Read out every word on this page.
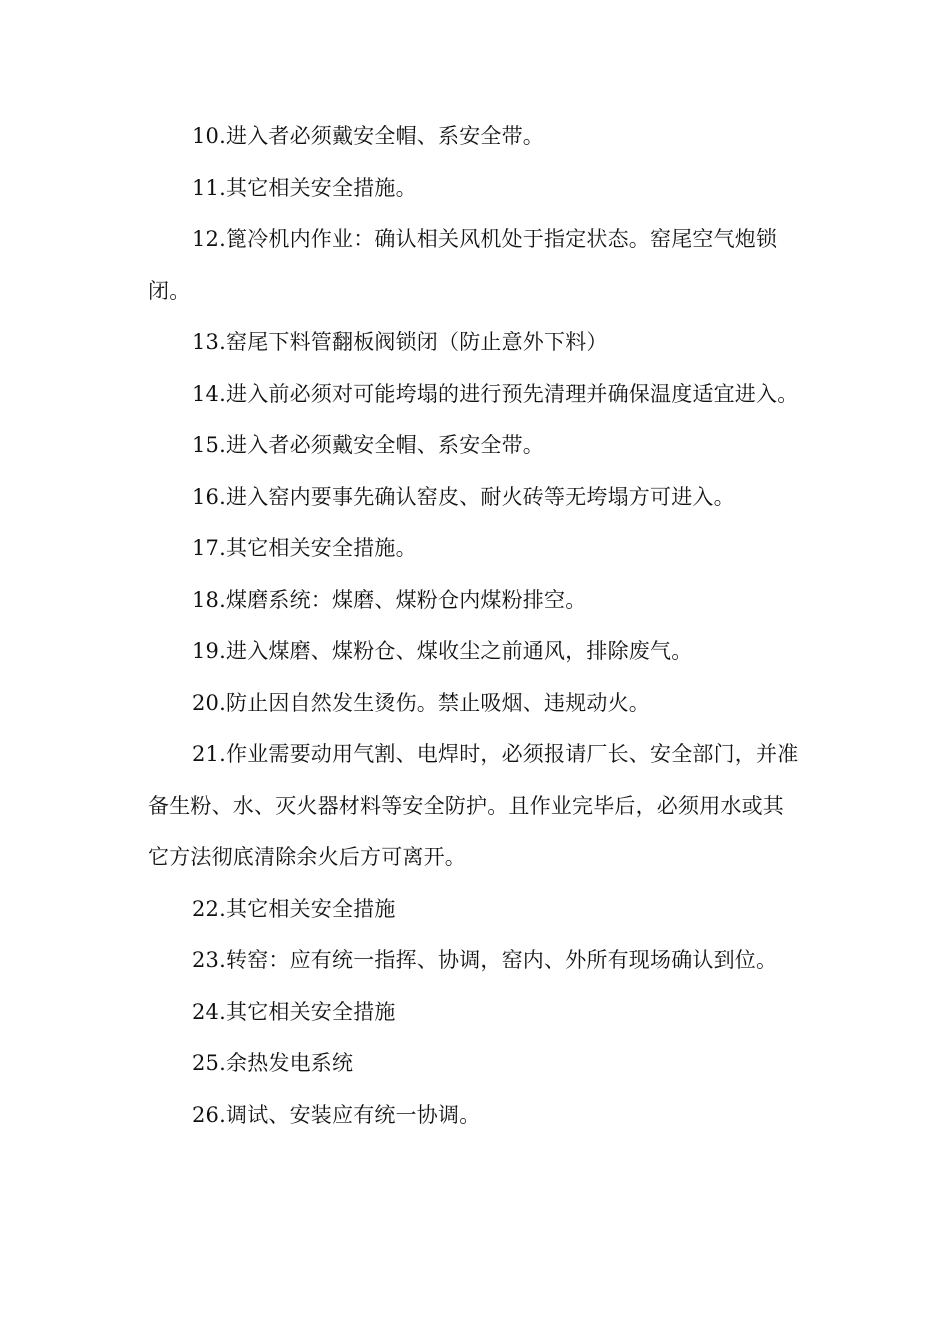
10.进入者必须戴安全帽、系安全带。

11.其它相关安全措施。

12.篦冷机内作业：确认相关风机处于指定状态。窑尾空气炮锁闭。

13.窑尾下料管翻板阀锁闭（防止意外下料）

14.进入前必须对可能垮塌的进行预先清理并确保温度适宜进入。

15.进入者必须戴安全帽、系安全带。

16.进入窑内要事先确认窑皮、耐火砖等无垮塌方可进入。

17.其它相关安全措施。

18.煤磨系统：煤磨、煤粉仓内煤粉排空。

19.进入煤磨、煤粉仓、煤收尘之前通风，排除废气。

20.防止因自然发生烫伤。禁止吸烟、违规动火。

21.作业需要动用气割、电焊时，必须报请厂长、安全部门，并准备生粉、水、灭火器材料等安全防护。且作业完毕后，必须用水或其它方法彻底清除余火后方可离开。

22.其它相关安全措施

23.转窑：应有统一指挥、协调，窑内、外所有现场确认到位。

24.其它相关安全措施

25.余热发电系统

26.调试、安装应有统一协调。
